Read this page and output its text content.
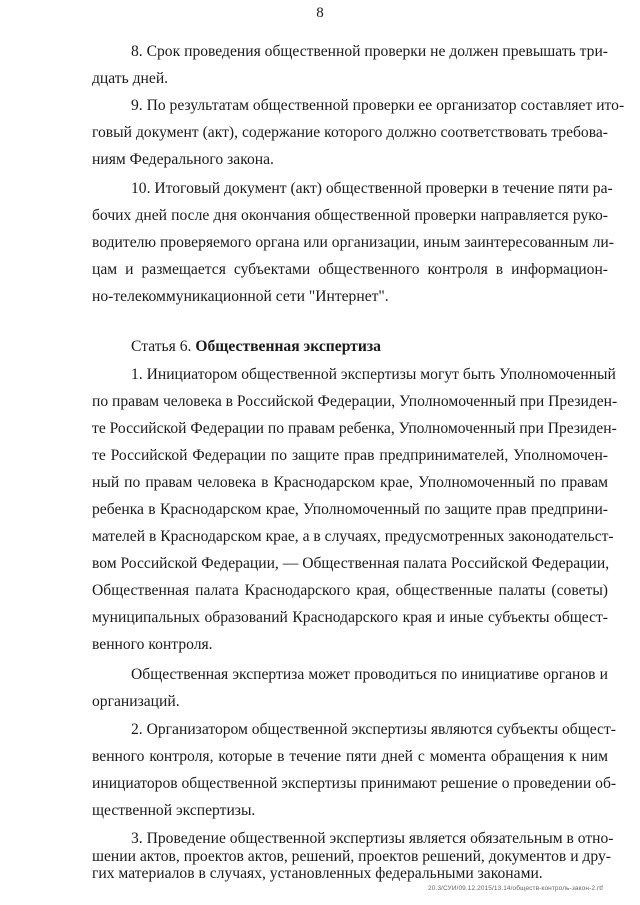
8
8. Срок проведения общественной проверки не должен превышать три-
дцать дней.
9. По результатам общественной проверки ее организатор составляет ито-
говый документ (акт), содержание которого должно соответствовать требова-
ниям Федерального закона.
10. Итоговый документ (акт) общественной проверки в течение пяти ра-
бочих дней после дня окончания общественной проверки направляется руко-
водителю проверяемого органа или организации, иным заинтересованным ли-
цам и размещается субъектами общественного контроля в информацион-
но-телекоммуникационной сети "Интернет".
Статья 6. Общественная экспертиза
1. Инициатором общественной экспертизы могут быть Уполномоченный
по правам человека в Российской Федерации, Уполномоченный при Президен-
те Российской Федерации по правам ребенка, Уполномоченный при Президен-
те Российской Федерации по защите прав предпринимателей, Уполномочен-
ный по правам человека в Краснодарском крае, Уполномоченный по правам
ребенка в Краснодарском крае, Уполномоченный по защите прав предприни-
мателей в Краснодарском крае, а в случаях, предусмотренных законодательст-
вом Российской Федерации, — Общественная палата Российской Федерации,
Общественная палата Краснодарского края, общественные палаты (советы)
муниципальных образований Краснодарского края и иные субъекты общест-
венного контроля.
Общественная экспертиза может проводиться по инициативе органов и
организаций.
2. Организатором общественной экспертизы являются субъекты общест-
венного контроля, которые в течение пяти дней с момента обращения к ним
инициаторов общественной экспертизы принимают решение о проведении об-
щественной экспертизы.
3. Проведение общественной экспертизы является обязательным в отно-
шении актов, проектов актов, решений, проектов решений, документов и дру-
гих материалов в случаях, установленных федеральными законами.
20.3/СУИ/09.12.2015/13.14/обществ-контроль-закон-2.rtf
